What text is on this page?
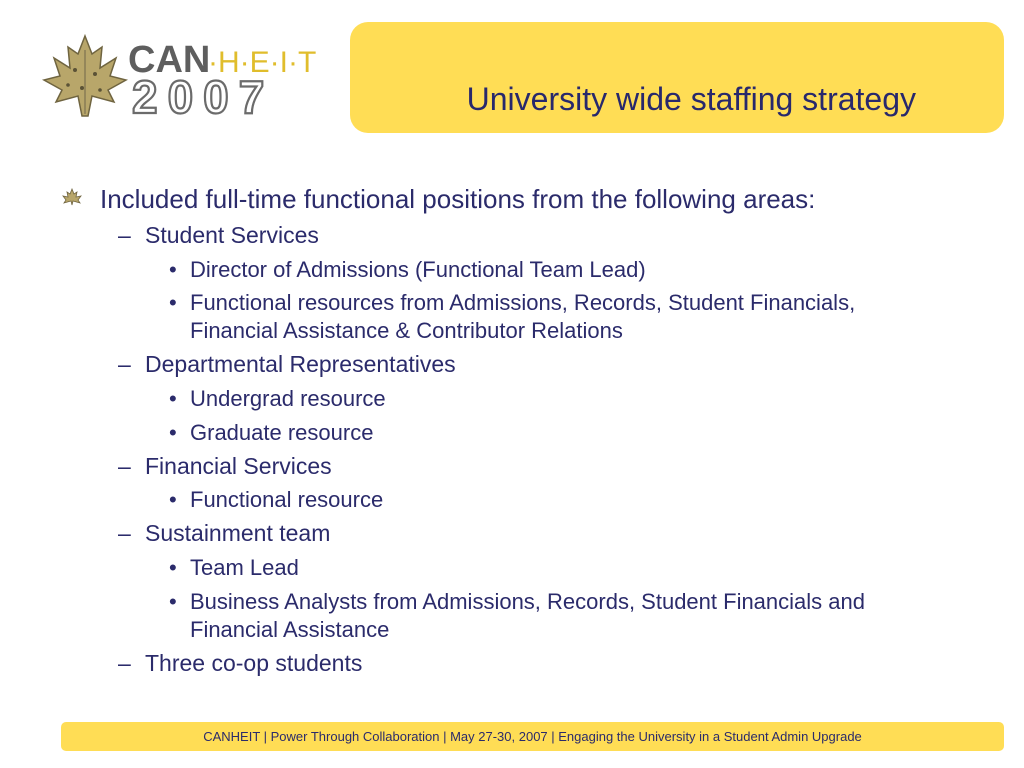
CAN
·H·E·I·T
2007	University wide staffing strategy
Included full-time functional positions from the following areas:
– Student Services
• Director of Admissions (Functional Team Lead)
• Functional resources from Admissions, Records, Student Financials,
Financial Assistance & Contributor Relations
– Departmental Representatives
• Undergrad resource
• Graduate resource
– Financial Services
• Functional resource
– Sustainment team
• Team Lead
• Business Analysts from Admissions, Records, Student Financials and
Financial Assistance
– Three co-op students
CANHEIT | Power Through Collaboration | May 27-30, 2007 | Engaging the University in a Student Admin Upgrade
